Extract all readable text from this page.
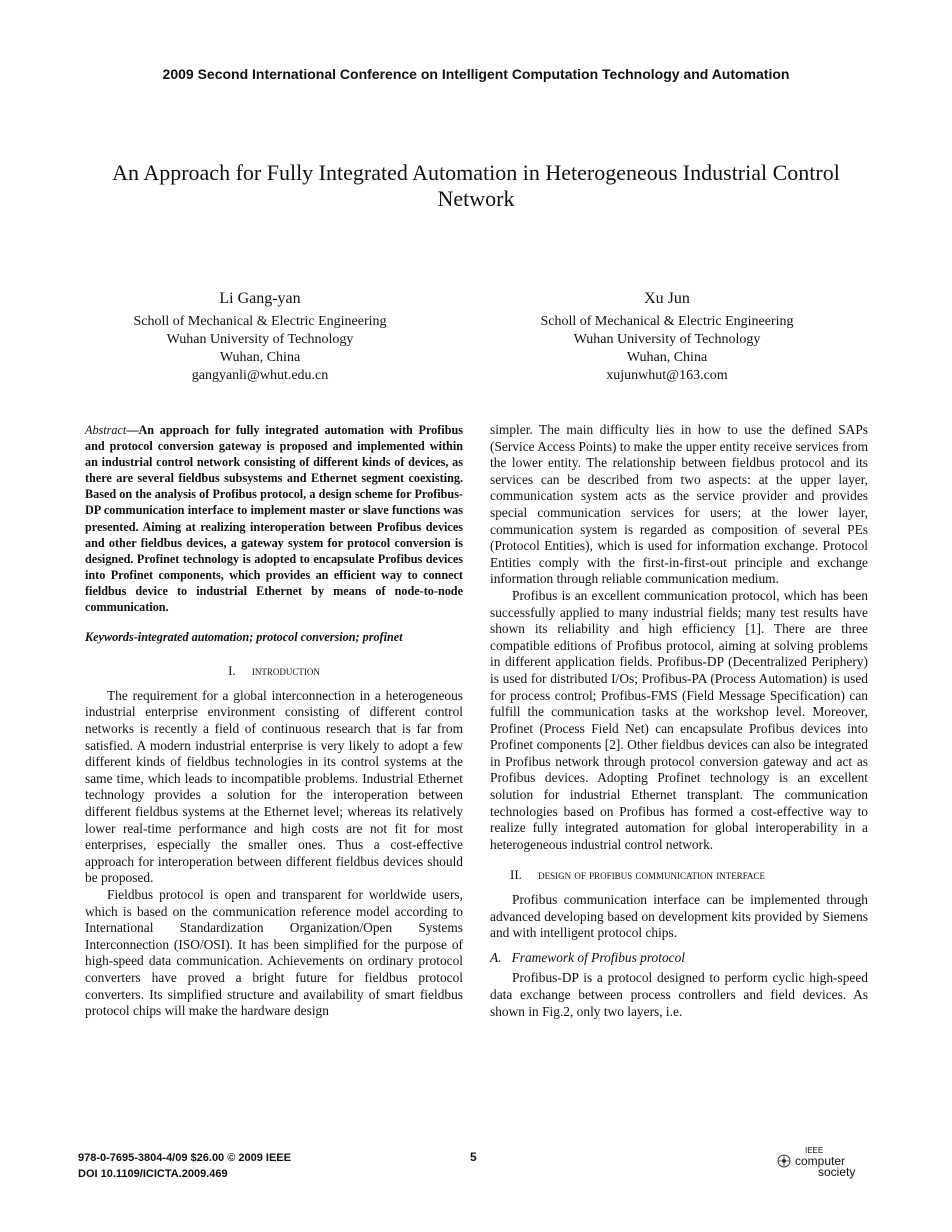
2009 Second International Conference on Intelligent Computation Technology and Automation
An Approach for Fully Integrated Automation in Heterogeneous Industrial Control Network
Li Gang-yan
Scholl of Mechanical & Electric Engineering
Wuhan University of Technology
Wuhan, China
gangyanli@whut.edu.cn
Xu Jun
Scholl of Mechanical & Electric Engineering
Wuhan University of Technology
Wuhan, China
xujunwhut@163.com

Abstract—An approach for fully integrated automation with Profibus and protocol conversion gateway is proposed and implemented within an industrial control network consisting of different kinds of devices, as there are several fieldbus subsystems and Ethernet segment coexisting. Based on the analysis of Profibus protocol, a design scheme for Profibus-DP communication interface to implement master or slave functions was presented. Aiming at realizing interoperation between Profibus devices and other fieldbus devices, a gateway system for protocol conversion is designed. Profinet technology is adopted to encapsulate Profibus devices into Profinet components, which provides an efficient way to connect fieldbus device to industrial Ethernet by means of node-to-node communication.

Keywords-integrated automation; protocol conversion; profinet

I. introduction

The requirement for a global interconnection in a heterogeneous industrial enterprise environment consisting of different control networks is recently a field of continuous research that is far from satisfied. A modern industrial enterprise is very likely to adopt a few different kinds of fieldbus technologies in its control systems at the same time, which leads to incompatible problems. Industrial Ethernet technology provides a solution for the interoperation between different fieldbus systems at the Ethernet level; whereas its relatively lower real-time performance and high costs are not fit for most enterprises, especially the smaller ones. Thus a cost-effective approach for interoperation between different fieldbus devices should be proposed.

Fieldbus protocol is open and transparent for worldwide users, which is based on the communication reference model according to International Standardization Organization/Open Systems Interconnection (ISO/OSI). It has been simplified for the purpose of high-speed data communication. Achievements on ordinary protocol converters have proved a bright future for fieldbus protocol converters. Its simplified structure and availability of smart fieldbus protocol chips will make the hardware design

simpler. The main difficulty lies in how to use the defined SAPs (Service Access Points) to make the upper entity receive services from the lower entity. The relationship between fieldbus protocol and its services can be described from two aspects: at the upper layer, communication system acts as the service provider and provides special communication services for users; at the lower layer, communication system is regarded as composition of several PEs (Protocol Entities), which is used for information exchange. Protocol Entities comply with the first-in-first-out principle and exchange information through reliable communication medium.

Profibus is an excellent communication protocol, which has been successfully applied to many industrial fields; many test results have shown its reliability and high efficiency [1]. There are three compatible editions of Profibus protocol, aiming at solving problems in different application fields. Profibus-DP (Decentralized Periphery) is used for distributed I/Os; Profibus-PA (Process Automation) is used for process control; Profibus-FMS (Field Message Specification) can fulfill the communication tasks at the workshop level. Moreover, Profinet (Process Field Net) can encapsulate Profibus devices into Profinet components [2]. Other fieldbus devices can also be integrated in Profibus network through protocol conversion gateway and act as Profibus devices. Adopting Profinet technology is an excellent solution for industrial Ethernet transplant. The communication technologies based on Profibus has formed a cost-effective way to realize fully integrated automation for global interoperability in a heterogeneous industrial control network.

II. design of profibus communication interface

Profibus communication interface can be implemented through advanced developing based on development kits provided by Siemens and with intelligent protocol chips.

A. Framework of Profibus protocol

Profibus-DP is a protocol designed to perform cyclic high-speed data exchange between process controllers and field devices. As shown in Fig.2, only two layers, i.e.

978-0-7695-3804-4/09 $26.00 © 2009 IEEE
DOI 10.1109/ICICTA.2009.469
5	IEEE
computer
society
